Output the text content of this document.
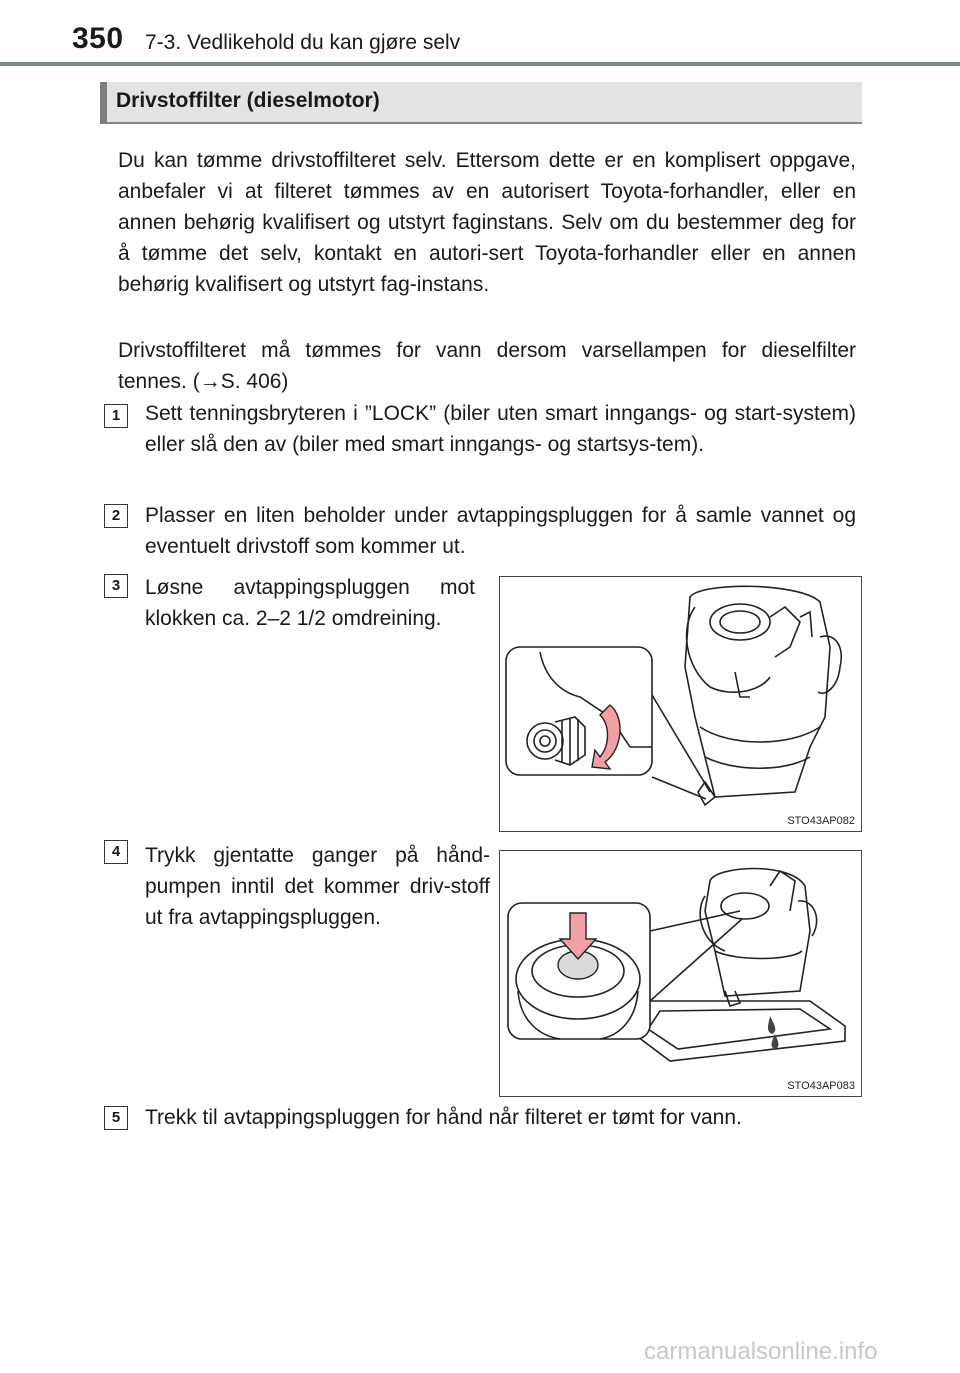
350 7-3. Vedlikehold du kan gjøre selv
Drivstoffilter (dieselmotor)
Du kan tømme drivstoffilteret selv. Ettersom dette er en komplisert oppgave, anbefaler vi at filteret tømmes av en autorisert Toyota-forhandler, eller en annen behørig kvalifisert og utstyrt faginstans. Selv om du bestemmer deg for å tømme det selv, kontakt en autori-sert Toyota-forhandler eller en annen behørig kvalifisert og utstyrt fag-instans.
Drivstoffilteret må tømmes for vann dersom varsellampen for dieselfilter tennes. (→S. 406)
1	Sett tenningsbryteren i ”LOCK” (biler uten smart inngangs- og start-system) eller slå den av (biler med smart inngangs- og startsys-tem).
2	Plasser en liten beholder under avtappingspluggen for å samle vannet og eventuelt drivstoff som kommer ut.
3	Løsne avtappingspluggen mot klokken ca. 2–2 1/2 omdreining.
STO43AP082
4	Trykk gjentatte ganger på hånd-pumpen inntil det kommer driv-stoff ut fra avtappingspluggen.
STO43AP083
5	Trekk til avtappingspluggen for hånd når filteret er tømt for vann.
carmanualsonline.info
